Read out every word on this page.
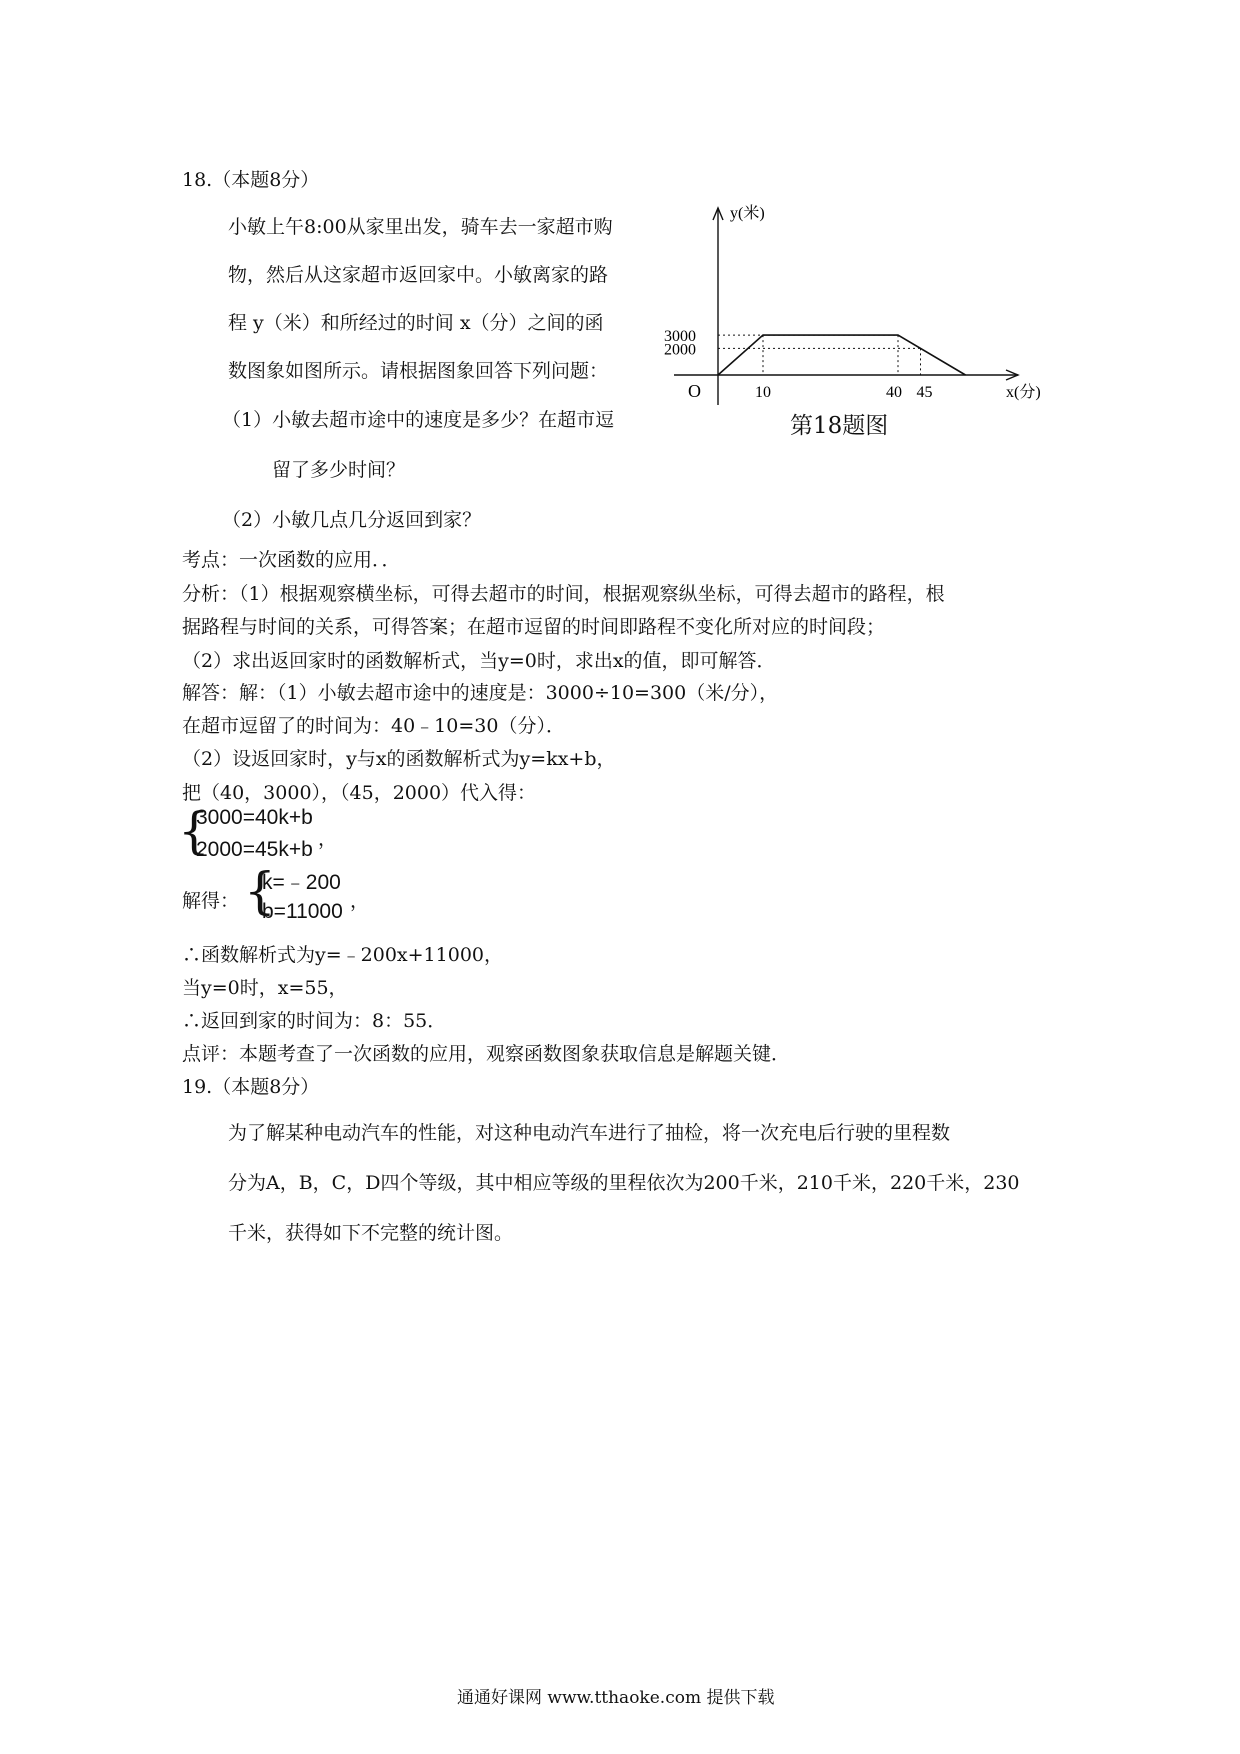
18.（本题8分）
小敏上午8:00从家里出发，骑车去一家超市购
物，然后从这家超市返回家中。小敏离家的路
程 y（米）和所经过的时间 x（分）之间的函
数图象如图所示。请根据图象回答下列问题：
（1）小敏去超市途中的速度是多少？在超市逗
留了多少时间？
（2）小敏几点几分返回到家？
y(米)
x(分)
O
3000
2000
10	40 45
第18题图
考点：一次函数的应用．．
分析：（1）根据观察横坐标，可得去超市的时间，根据观察纵坐标，可得去超市的路程，根
据路程与时间的关系，可得答案；在超市逗留的时间即路程不变化所对应的时间段；
（2）求出返回家时的函数解析式，当y=0时，求出x的值，即可解答．
解答：解：（1）小敏去超市途中的速度是：3000÷10=300（米/分），
在超市逗留了的时间为：40﹣10=30（分）．
（2）设返回家时，y与x的函数解析式为y=kx+b，
把（40，3000），（45，2000）代入得：
{
3000=40k+b
2000=45k+b ，
解得： {
k=﹣200
b=11000 ，
∴函数解析式为y=﹣200x+11000，
当y=0时，x=55，
∴返回到家的时间为：8：55．
点评：本题考查了一次函数的应用，观察函数图象获取信息是解题关键．
19.（本题8分）
为了解某种电动汽车的性能，对这种电动汽车进行了抽检，将一次充电后行驶的里程数
分为A，B，C，D四个等级，其中相应等级的里程依次为200千米，210千米，220千米，230
千米，获得如下不完整的统计图。
通通好课网 www.tthaoke.com 提供下载
